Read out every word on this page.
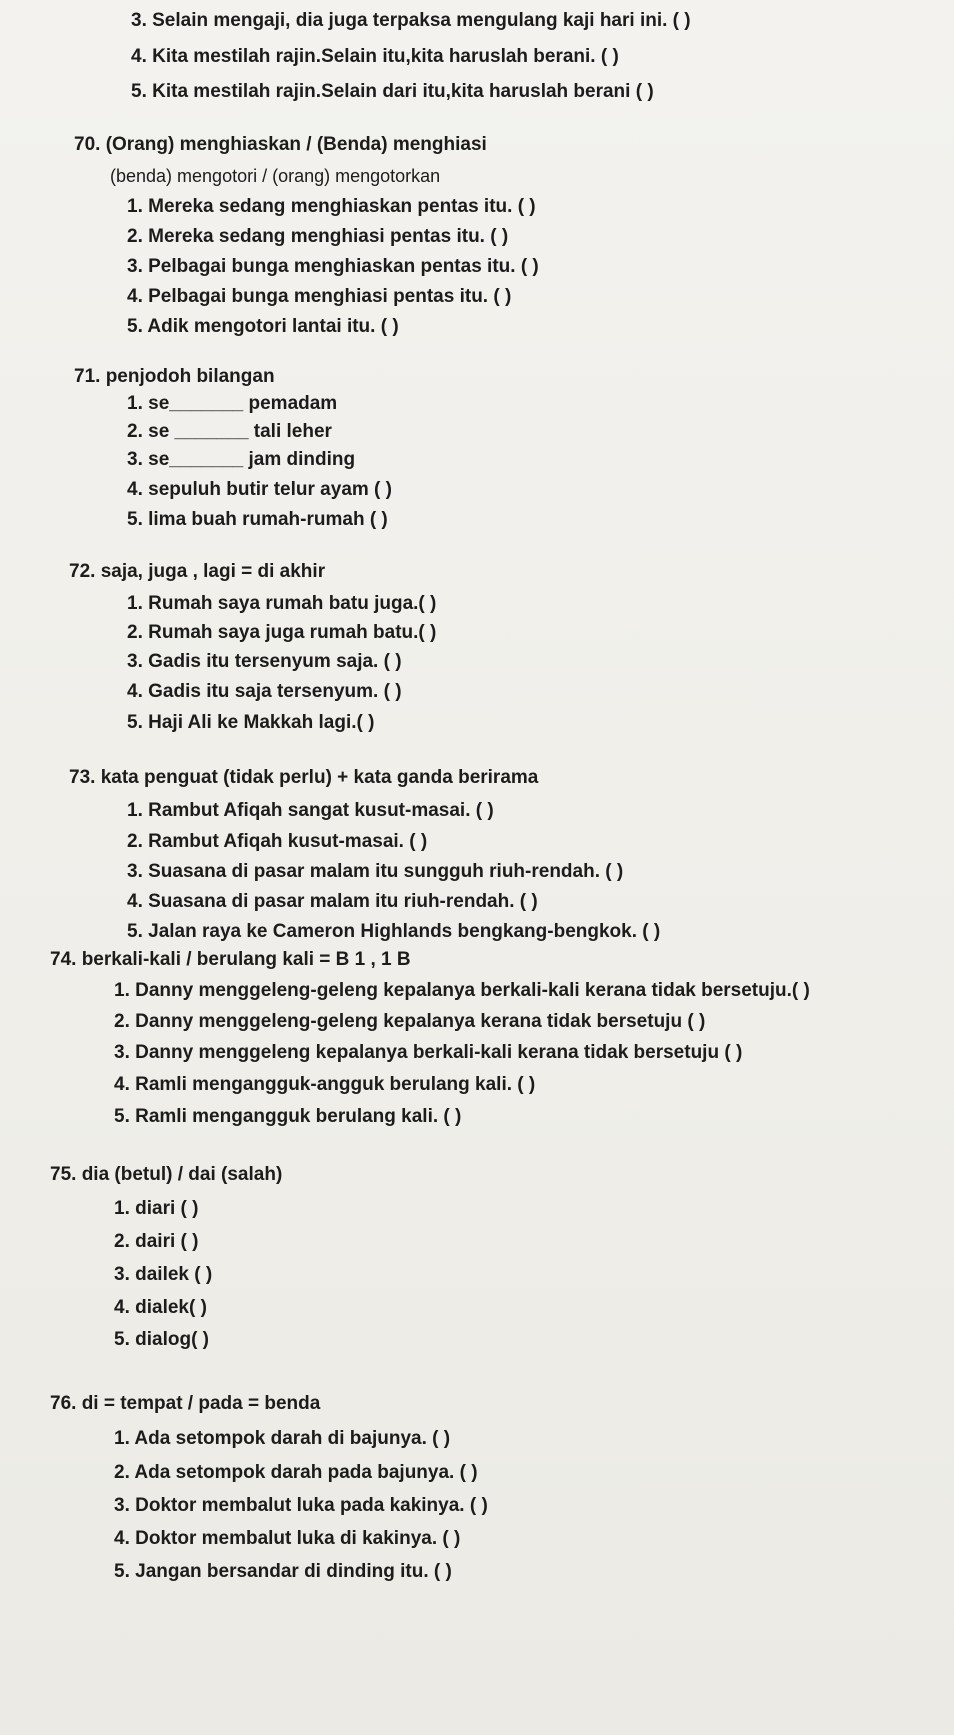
3. Selain mengaji, dia juga terpaksa mengulang kaji hari ini. ( )
4. Kita mestilah rajin.Selain itu,kita haruslah berani. ( )
5. Kita mestilah rajin.Selain dari itu,kita haruslah berani ( )
70. (Orang) menghiaskan / (Benda) menghiasi
(benda) mengotori / (orang) mengotorkan
1. Mereka sedang menghiaskan pentas itu. ( )
2. Mereka sedang menghiasi pentas itu. ( )
3. Pelbagai bunga menghiaskan pentas itu. ( )
4. Pelbagai bunga menghiasi pentas itu. ( )
5. Adik mengotori lantai itu. ( )
71. penjodoh bilangan
1. se_______ pemadam
2. se _______ tali leher
3. se_______ jam dinding
4. sepuluh butir telur ayam ( )
5. lima buah rumah-rumah ( )
72. saja, juga , lagi = di akhir
1. Rumah saya rumah batu juga.( )
2. Rumah saya juga rumah batu.( )
3. Gadis itu tersenyum saja. ( )
4. Gadis itu saja tersenyum. ( )
5. Haji Ali ke Makkah lagi.( )
73. kata penguat (tidak perlu) + kata ganda berirama
1. Rambut Afiqah sangat kusut-masai. ( )
2. Rambut Afiqah kusut-masai. ( )
3. Suasana di pasar malam itu sungguh riuh-rendah. ( )
4. Suasana di pasar malam itu riuh-rendah. ( )
5. Jalan raya ke Cameron Highlands bengkang-bengkok. ( )
74. berkali-kali / berulang kali = B 1 , 1 B
1. Danny menggeleng-geleng kepalanya berkali-kali kerana tidak bersetuju.( )
2. Danny menggeleng-geleng kepalanya kerana tidak bersetuju ( )
3. Danny menggeleng kepalanya berkali-kali kerana tidak bersetuju ( )
4. Ramli mengangguk-angguk berulang kali. ( )
5. Ramli mengangguk berulang kali. ( )
75. dia (betul) / dai (salah)
1. diari ( )
2. dairi ( )
3. dailek ( )
4. dialek( )
5. dialog( )
76. di = tempat / pada = benda
1. Ada setompok darah di bajunya. ( )
2. Ada setompok darah pada bajunya. ( )
3. Doktor membalut luka pada kakinya. ( )
4. Doktor membalut luka di kakinya. ( )
5. Jangan bersandar di dinding itu. ( )
